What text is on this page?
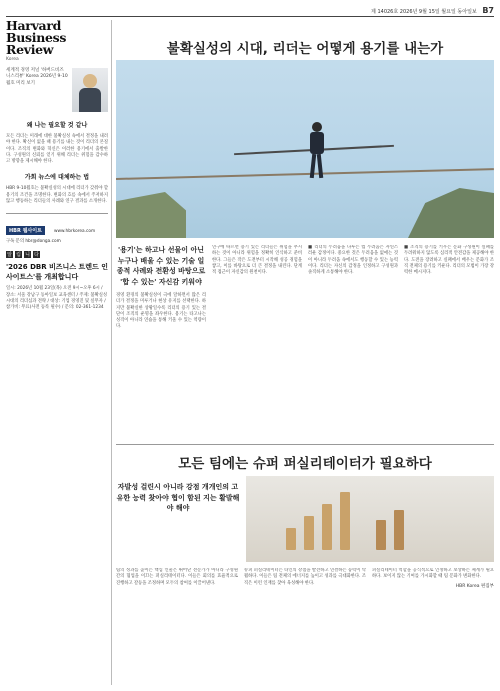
제 14026호 2026년 9월 15일 월요일 동아일보 B7
Harvard
Business
Review
Korea
세계적 경영 저널 '하버드비즈니스리뷰' Korea 2026년 9-10월호 미리 보기
왜 나는 필요할 것 같나
모든 리더는 미래에 대한 불확실성 속에서 결정을 내려야 한다. 확신이 없을 때 용기를 내는 것이 리더의 본질이다. 조직의 변화와 혁신은 이러한 용기에서 출발한다. 구성원의 신뢰를 얻기 위해 리더는 위험을 감수하고 방향을 제시해야 한다.
가회 뉴스에 대체하는 법
HBR 9-10월호는 불확실성의 시대에 리더가 갖춰야 할 용기의 조건을 조명한다. 변화의 흐름 속에서 주저하지 않고 행동하는 리더들의 사례와 연구 결과를 소개한다.
HBR 웹사이트	www.hbrkorea.com
구독 문의 hbr@donga.com
알 림 니 다
'2026 DBR 비즈니스 트렌드 인사이트스'를 개최합니다
일시: 2026년 10월 23일(목) 오전 9시~오후 6시 / 장소: 서울 강남구 동아일보 교육센터 / 주제: 불확실성 시대의 리더십과 전략 / 대상: 기업 경영진 및 실무자 / 참가비: 무료(사전 등록 필수) / 문의: 02-361-1234
불확실성의 시대, 리더는 어떻게 용기를 내는가
'용기'는 하고나 선물이 아닌 누구나 배울 수 있는 기술 일종적 사례와 전환성 바탕으로 '합 수 있는' 자신감 키워야
경영 환경의 불확실성이 극에 달하면서 많은 리더가 결정을 미루거나 현상 유지를 선택한다. 하지만 불확실한 상황일수록 리더의 용기 있는 결단이 조직의 운명을 좌우한다. 용기는 타고나는 성격이 아니라 연습을 통해 키울 수 있는 역량이다.
연구에 따르면 용기 있는 리더들은 위험을 무시하는 것이 아니라 위험을 정확히 인식하고 준비한다. 그들은 작은 도전부터 시작해 성공 경험을 쌓고, 이를 바탕으로 더 큰 결정을 내린다. 단계적 접근이 자신감의 원천이다.
■ 리더의 두려움을 다루는 법 두려움은 자연스러운 감정이다. 중요한 것은 두려움을 없애는 것이 아니라 두려움 속에서도 행동할 수 있는 능력이다. 리더는 자신의 감정을 인정하고 구성원과 솔직하게 소통해야 한다.
■ 조직의 용기를 키우는 문화 구성원이 실패를 두려워하지 않도록 심리적 안전감을 제공해야 한다. 도전을 장려하고 실패에서 배우는 문화가 조직 전체의 용기를 키운다. 리더의 모범이 가장 강력한 메시지다.
모든 팀에는 슈퍼 퍼실리테이터가 필요하다
자발성 걸린시 아니라 강점 개개인의 고유한 능력 찾아야 협이 함된 지는 활발해야 해야
팀의 성과를 높이는 핵심 인물은 뛰어난 전문가가 아니라 구성원 간의 협업을 이끄는 퍼실리테이터다. 이들은 회의를 효율적으로 진행하고 갈등을 조정하며 모두의 참여를 이끌어낸다.
슈퍼 퍼실리테이터는 타인의 강점을 발견하고 연결하는 능력이 탁월하다. 이들은 팀 전체의 에너지를 높이고 성과를 극대화한다. 조직은 이런 인재를 찾아 육성해야 한다.
퍼실리테이터 역할을 공식적으로 인정하고 보상하는 체계가 필요하다. 보이지 않는 기여를 가시화할 때 팀 문화가 변화한다.
HBR Korea 편집부
